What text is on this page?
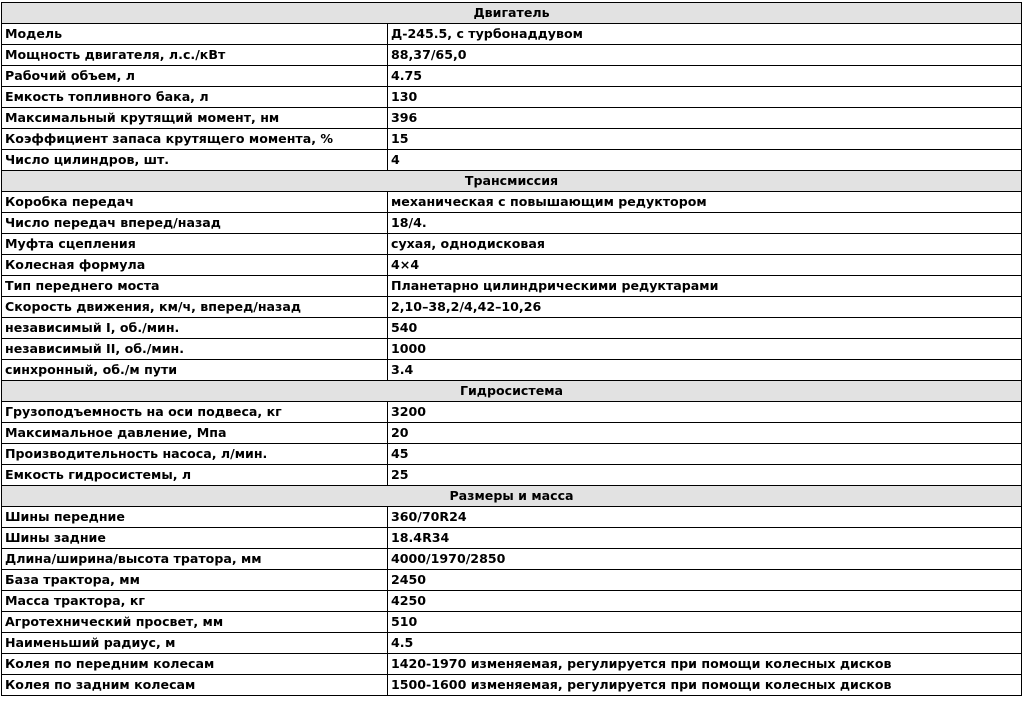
Двигатель	
Модель	Д-245.5, с турбонаддувом
Мощность двигателя, л.с./кВт	88,37/65,0
Рабочий объем, л	4.75
Емкость топливного бака, л	130
Максимальный крутящий момент, нм	396
Коэффициент запаса крутящего момента, %	15
Число цилиндров, шт.	4
Трансмиссия	
Коробка передач	механическая с повышающим редуктором
Число передач вперед/назад	18/4.
Муфта сцепления	сухая, однодисковая
Колесная формула	4×4
Тип переднего моста	Планетарно цилиндрическими редуктарами
Скорость движения, км/ч, вперед/назад	2,10–38,2/4,42–10,26
независимый I, об./мин.	540
независимый II, об./мин.	1000
синхронный, об./м пути	3.4
Гидросистема	
Грузоподъемность на оси подвеса, кг	3200
Максимальное давление, Мпа	20
Производительность насоса, л/мин.	45
Емкость гидросистемы, л	25
Размеры и масса	
Шины передние	360/70R24
Шины задние	18.4R34
Длина/ширина/высота тратора, мм	4000/1970/2850
База трактора, мм	2450
Масса трактора, кг	4250
Агротехнический просвет, мм	510
Наименьший радиус, м	4.5
Колея по передним колесам	1420-1970 изменяемая, регулируется при помощи колесных дисков
Колея по задним колесам	1500-1600 изменяемая, регулируется при помощи колесных дисков
